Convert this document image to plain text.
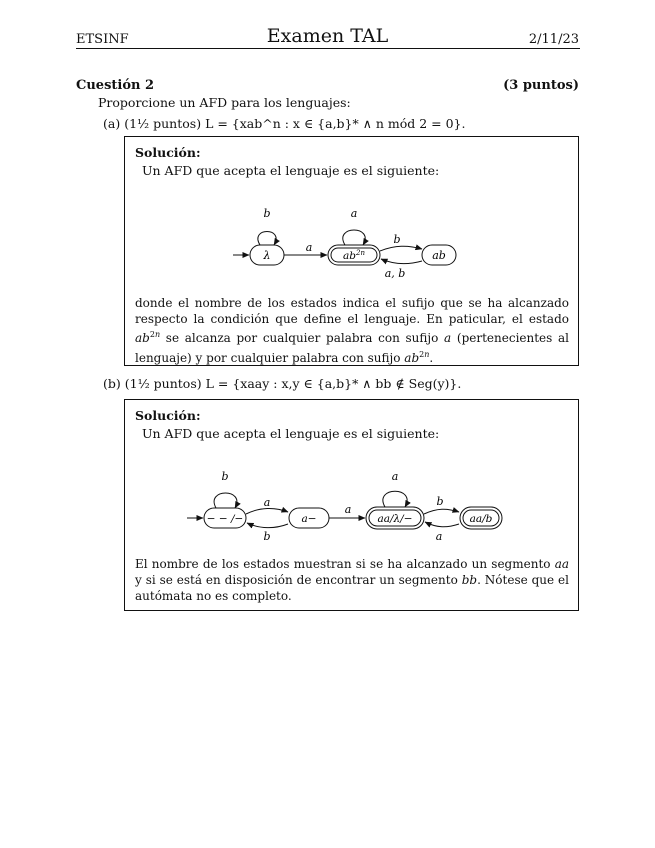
ETSINF	Examen TAL	2/11/23
Cuestión 2	(3 puntos)
Proporcione un AFD para los lenguajes:
(a) (1½ puntos) L = {xab^n : x ∈ {a,b}* ∧ n mód 2 = 0}.
Solución:
Un AFD que acepta el lenguaje es el siguiente:
λ
b
a
$ab^{2n}$
a
b
a, b
ab
donde el nombre de los estados indica el sufijo que se ha alcanzado respecto la condición que define el lenguaje. En paticular, el estado $ab^{2n}$ se alcanza por cualquier palabra con sufijo a (pertenecientes al lenguaje) y por cualquier palabra con sufijo $ab^{2n}$.
(b) (1½ puntos) L = {xaay : x,y ∈ {a,b}* ∧ bb ∉ Seg(y)}.
Solución:
Un AFD que acepta el lenguaje es el siguiente:
− − /−
b
a
b
a−
a
aa/λ/−
a
b
a
aa/b
El nombre de los estados muestran si se ha alcanzado un segmento aa y si se está en disposición de encontrar un segmento bb. Nótese que el autómata no es completo.
